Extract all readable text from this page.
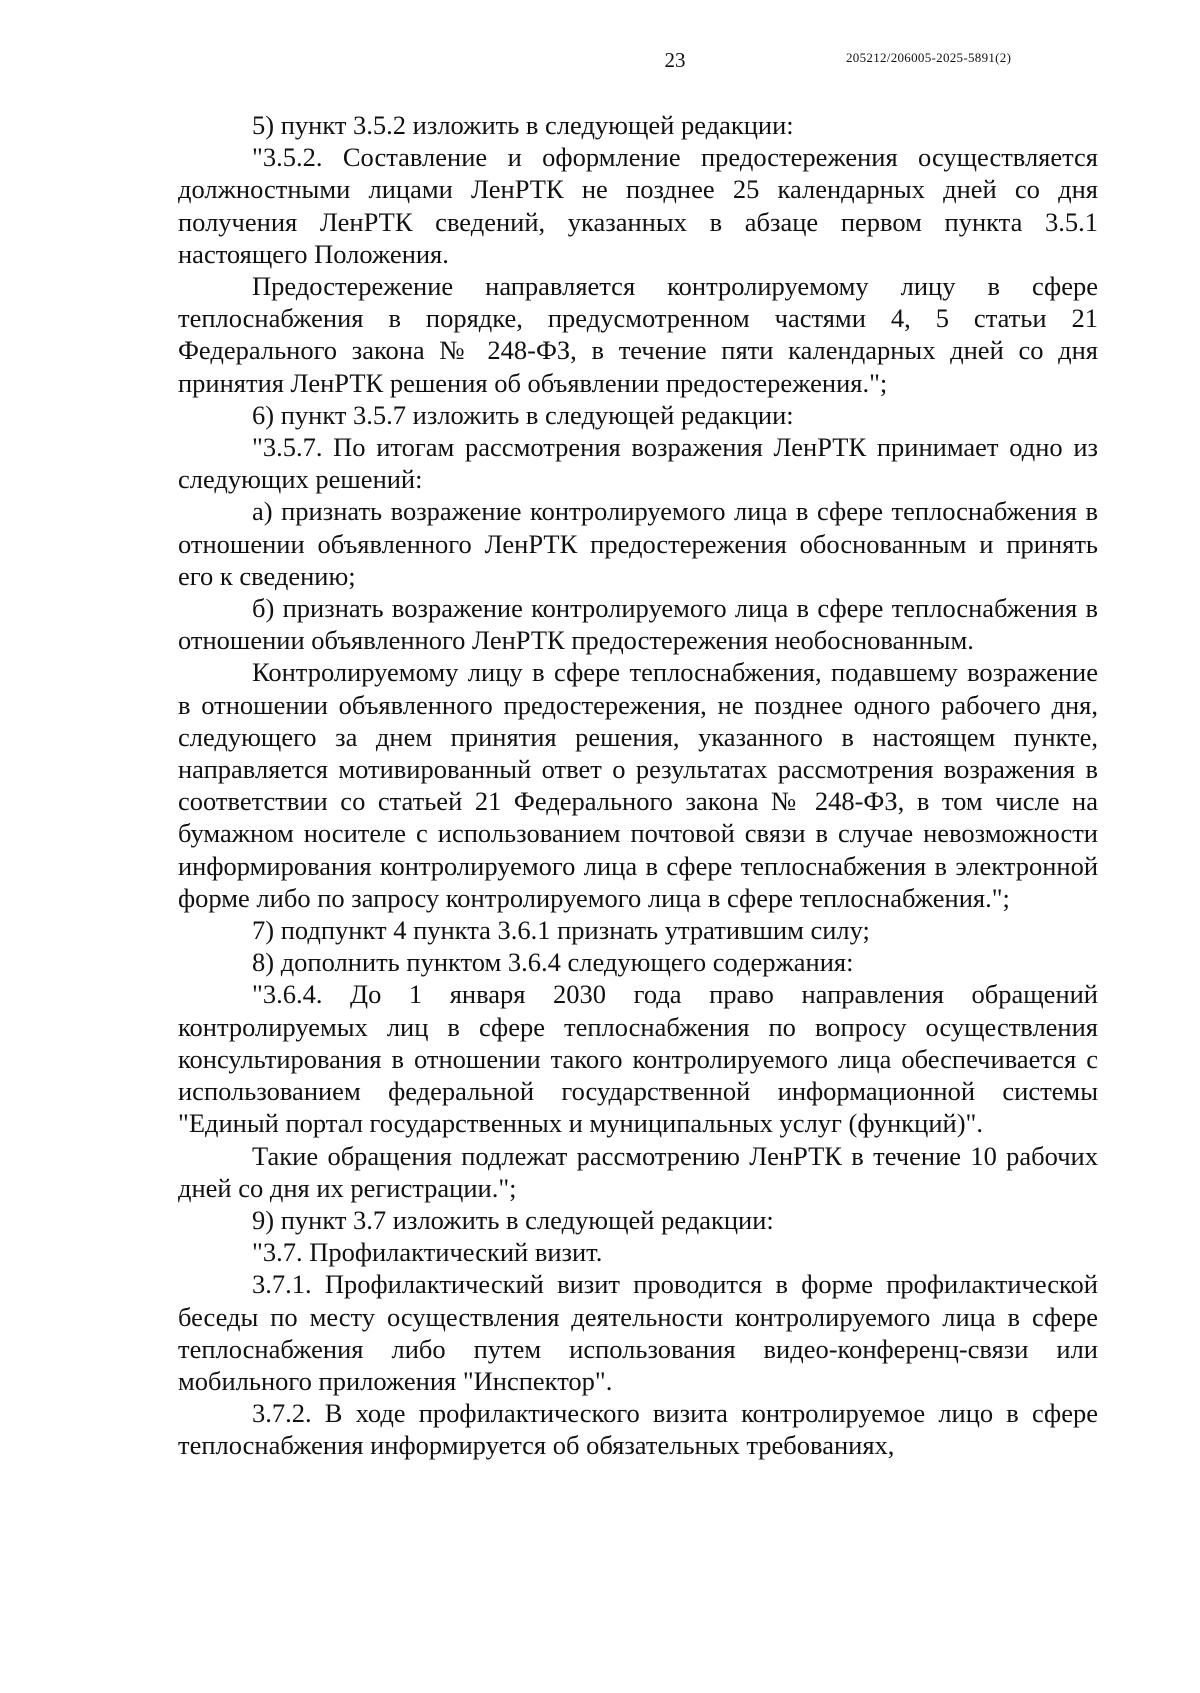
23	205212/206005-2025-5891(2)

5) пункт 3.5.2 изложить в следующей редакции:

"3.5.2. Составление и оформление предостережения осуществляется должностными лицами ЛенРТК не позднее 25 календарных дней со дня получения ЛенРТК сведений, указанных в абзаце первом пункта 3.5.1 настоящего Положения.

Предостережение направляется контролируемому лицу в сфере теплоснабжения в порядке, предусмотренном частями 4, 5 статьи 21 Федерального закона № 248-ФЗ, в течение пяти календарных дней со дня принятия ЛенРТК решения об объявлении предостережения.";

6) пункт 3.5.7 изложить в следующей редакции:

"3.5.7. По итогам рассмотрения возражения ЛенРТК принимает одно из следующих решений:

а) признать возражение контролируемого лица в сфере теплоснабжения в отношении объявленного ЛенРТК предостережения обоснованным и принять его к сведению;

б) признать возражение контролируемого лица в сфере теплоснабжения в отношении объявленного ЛенРТК предостережения необоснованным.

Контролируемому лицу в сфере теплоснабжения, подавшему возражение в отношении объявленного предостережения, не позднее одного рабочего дня, следующего за днем принятия решения, указанного в настоящем пункте, направляется мотивированный ответ о результатах рассмотрения возражения в соответствии со статьей 21 Федерального закона № 248-ФЗ, в том числе на бумажном носителе с использованием почтовой связи в случае невозможности информирования контролируемого лица в сфере теплоснабжения в электронной форме либо по запросу контролируемого лица в сфере теплоснабжения.";

7) подпункт 4 пункта 3.6.1 признать утратившим силу;

8) дополнить пунктом 3.6.4 следующего содержания:

"3.6.4. До 1 января 2030 года право направления обращений контролируемых лиц в сфере теплоснабжения по вопросу осуществления консультирования в отношении такого контролируемого лица обеспечивается с использованием федеральной государственной информационной системы "Единый портал государственных и муниципальных услуг (функций)".

Такие обращения подлежат рассмотрению ЛенРТК в течение 10 рабочих дней со дня их регистрации.";

9) пункт 3.7 изложить в следующей редакции:

"3.7. Профилактический визит.

3.7.1. Профилактический визит проводится в форме профилактической беседы по месту осуществления деятельности контролируемого лица в сфере теплоснабжения либо путем использования видео-конференц-связи или мобильного приложения "Инспектор".

3.7.2. В ходе профилактического визита контролируемое лицо в сфере теплоснабжения информируется об обязательных требованиях,
